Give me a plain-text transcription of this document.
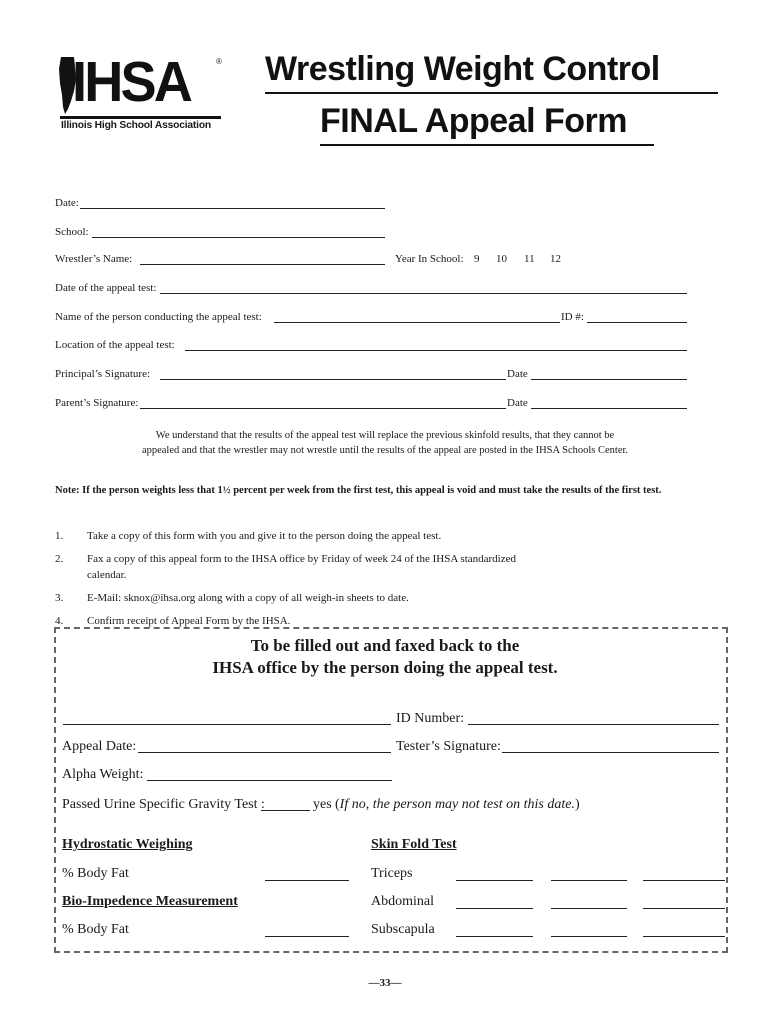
IHSA	®
Illinois High School Association
Wrestling Weight Control
FINAL Appeal Form
Date:
School:
Wrestler’s Name:	Year In School: 9 10 11 12
Date of the appeal test:
Name of the person conducting the appeal test:	ID #:
Location of the appeal test:
Principal’s Signature:	Date
Parent’s Signature:	Date
We understand that the results of the appeal test will replace the previous skinfold results, that they cannot be
appealed and that the wrestler may not wrestle until the results of the appeal are posted in the IHSA Schools Center.
Note: If the person weights less that 1½ percent per week from the first test, this appeal is void and must take the results of the first test.
1. Take a copy of this form with you and give it to the person doing the appeal test.
2. Fax a copy of this appeal form to the IHSA office by Friday of week 24 of the IHSA standardized
calendar.
3. E-Mail: sknox@ihsa.org along with a copy of all weigh-in sheets to date.
4. Confirm receipt of Appeal Form by the IHSA.
To be filled out and faxed back to the
IHSA office by the person doing the appeal test.
ID Number:
Appeal Date:	Tester’s Signature:
Alpha Weight:
Passed Urine Specific Gravity Test :	yes (If no, the person may not test on this date.)
Hydrostatic Weighing	Skin Fold Test
% Body Fat	Triceps
Bio-Impedence Measurement	Abdominal
% Body Fat	Subscapula
—33—
